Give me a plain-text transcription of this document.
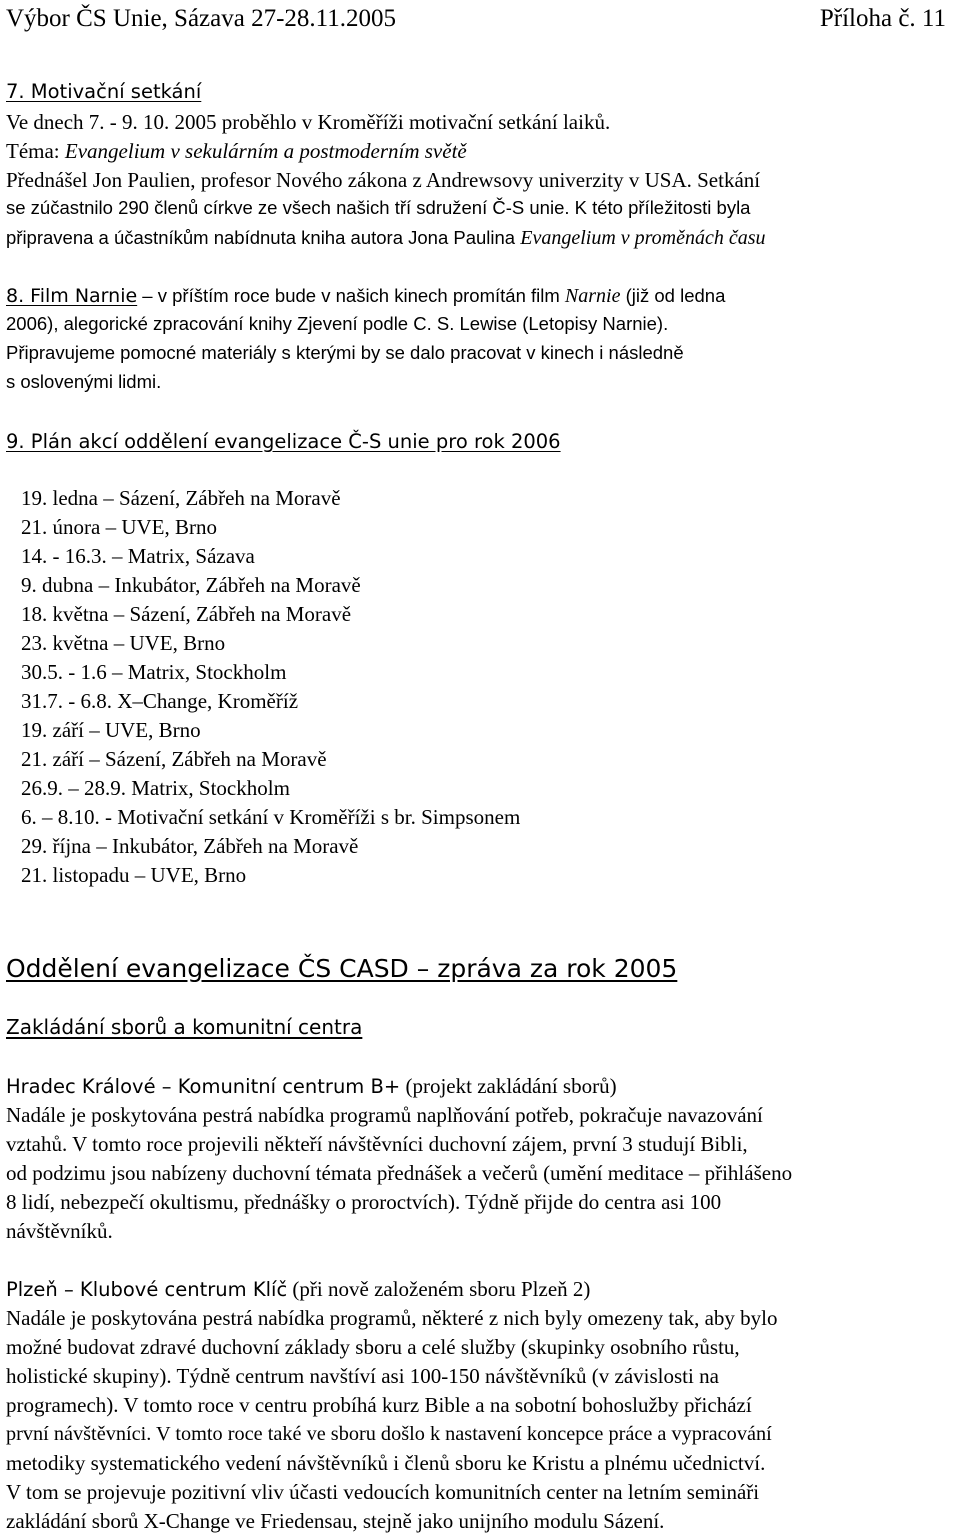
Výbor ČS Unie, Sázava 27-28.11.2005	Příloha č. 11
7. Motivační setkání
Ve dnech 7. - 9. 10. 2005 proběhlo v Kroměříži motivační setkání laiků.
Téma: Evangelium v sekulárním a postmoderním světě
Přednášel Jon Paulien, profesor Nového zákona z Andrewsovy univerzity v USA. Setkání
se zúčastnilo 290 členů církve ze všech našich tří sdružení Č-S unie. K této příležitosti byla
připravena a účastníkům nabídnuta kniha autora Jona Paulina Evangelium v proměnách času
8. Film Narnie – v příštím roce bude v našich kinech promítán film Narnie (již od ledna
2006), alegorické zpracování knihy Zjevení podle C. S. Lewise (Letopisy Narnie).
Připravujeme pomocné materiály s kterými by se dalo pracovat v kinech i následně
s oslovenými lidmi.
9. Plán akcí oddělení evangelizace Č-S unie pro rok 2006
19. ledna – Sázení, Zábřeh na Moravě
21. února – UVE, Brno
14. - 16.3. – Matrix, Sázava
9. dubna – Inkubátor, Zábřeh na Moravě
18. května – Sázení, Zábřeh na Moravě
23. května – UVE, Brno
30.5. - 1.6 – Matrix, Stockholm
31.7. - 6.8. X–Change, Kroměříž
19. září – UVE, Brno
21. září – Sázení, Zábřeh na Moravě
26.9. – 28.9. Matrix, Stockholm
6. – 8.10. - Motivační setkání v Kroměříži s br. Simpsonem
29. října – Inkubátor, Zábřeh na Moravě
21. listopadu – UVE, Brno
Oddělení evangelizace ČS CASD – zpráva za rok 2005
Zakládání sborů a komunitní centra
Hradec Králové – Komunitní centrum B+ (projekt zakládání sborů)
Nadále je poskytována pestrá nabídka programů naplňování potřeb, pokračuje navazování
vztahů. V tomto roce projevili někteří návštěvníci duchovní zájem, první 3 studují Bibli,
od podzimu jsou nabízeny duchovní témata přednášek a večerů (umění meditace – přihlášeno
8 lidí, nebezpečí okultismu, přednášky o proroctvích). Týdně přijde do centra asi 100
návštěvníků.
Plzeň – Klubové centrum Klíč (při nově založeném sboru Plzeň 2)
Nadále je poskytována pestrá nabídka programů, některé z nich byly omezeny tak, aby bylo
možné budovat zdravé duchovní základy sboru a celé služby (skupinky osobního růstu,
holistické skupiny). Týdně centrum navštíví asi 100-150 návštěvníků (v závislosti na
programech). V tomto roce v centru probíhá kurz Bible a na sobotní bohoslužby přichází
první návštěvníci. V tomto roce také ve sboru došlo k nastavení koncepce práce a vypracování
metodiky systematického vedení návštěvníků i členů sboru ke Kristu a plnému učednictví.
V tom se projevuje pozitivní vliv účasti vedoucích komunitních center na letním semináři
zakládání sborů X-Change ve Friedensau, stejně jako unijního modulu Sázení.
